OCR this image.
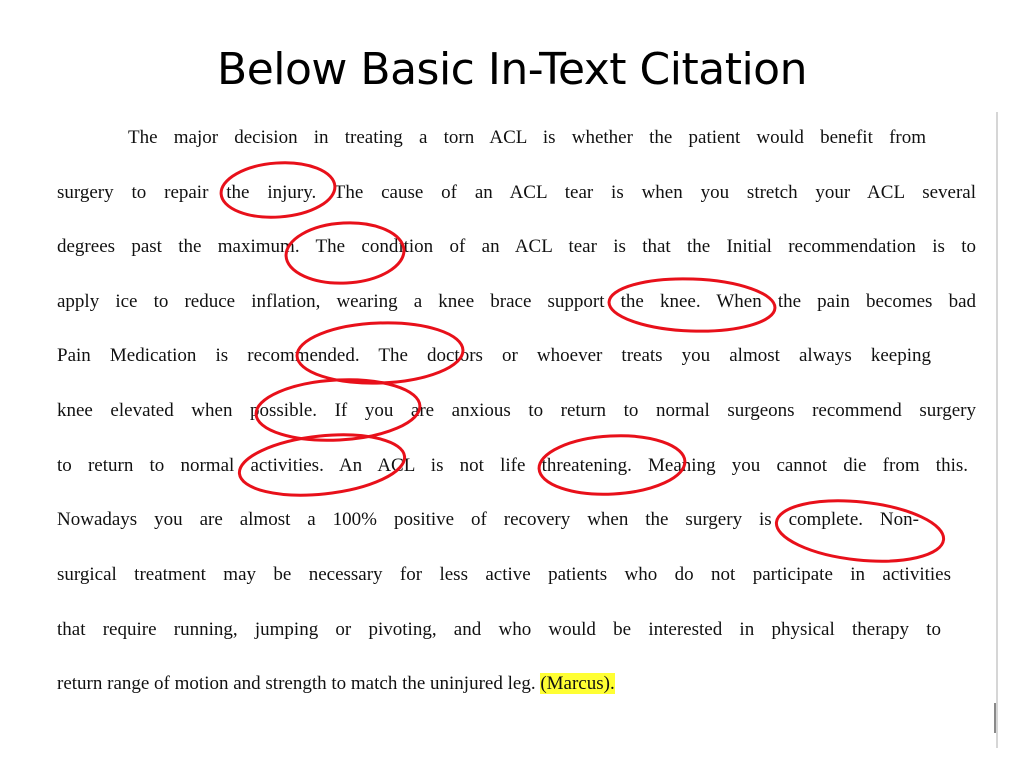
Below Basic In-Text Citation
The major decision in treating a torn ACL is whether the patient would benefit from
surgery to repair the injury. The cause of an ACL tear is when you stretch your ACL several
degrees past the maximum. The condition of an ACL tear is that the Initial recommendation is to
apply ice to reduce inflation, wearing a knee brace support the knee. When the pain becomes bad
Pain Medication is recommended. The doctors or whoever treats you almost always keeping
knee elevated when possible. If you are anxious to return to normal surgeons recommend surgery
to return to normal activities. An ACL is not life threatening. Meaning you cannot die from this.
Nowadays you are almost a 100% positive of recovery when the surgery is complete. Non-
surgical treatment may be necessary for less active patients who do not participate in activities
that require running, jumping or pivoting, and who would be interested in physical therapy to
return range of motion and strength to match the uninjured leg. (Marcus).
